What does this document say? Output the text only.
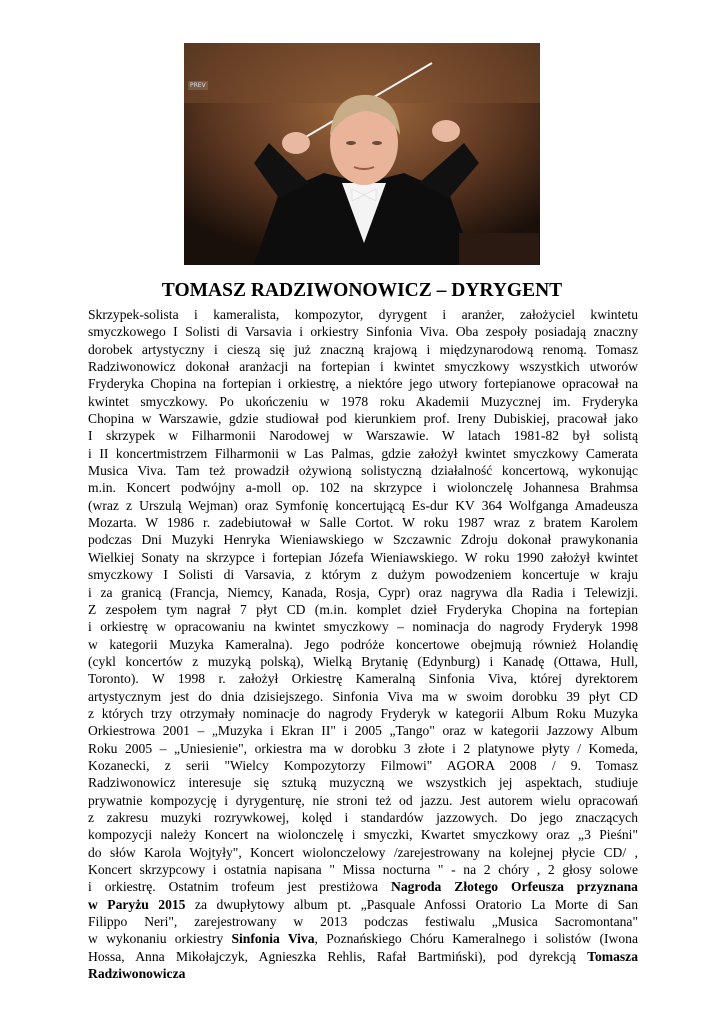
PREV
TOMASZ RADZIWONOWICZ – DYRYGENT
Skrzypek-solista i kameralista, kompozytor, dyrygent i aranżer, założyciel kwintetu
smyczkowego I Solisti di Varsavia i orkiestry Sinfonia Viva. Oba zespoły posiadają znaczny
dorobek artystyczny i cieszą się już znaczną krajową i międzynarodową renomą. Tomasz
Radziwonowicz dokonał aranżacji na fortepian i kwintet smyczkowy wszystkich utworów
Fryderyka Chopina na fortepian i orkiestrę, a niektóre jego utwory fortepianowe opracował na
kwintet smyczkowy. Po ukończeniu w 1978 roku Akademii Muzycznej im. Fryderyka
Chopina w Warszawie, gdzie studiował pod kierunkiem prof. Ireny Dubiskiej, pracował jako
I skrzypek w Filharmonii Narodowej w Warszawie. W latach 1981-82 był solistą
i II koncertmistrzem Filharmonii w Las Palmas, gdzie założył kwintet smyczkowy Camerata
Musica Viva. Tam też prowadził ożywioną solistyczną działalność koncertową, wykonując
m.in. Koncert podwójny a-moll op. 102 na skrzypce i wiolonczelę Johannesa Brahmsa
(wraz z Urszulą Wejman) oraz Symfonię koncertującą Es-dur KV 364 Wolfganga Amadeusza
Mozarta. W 1986 r. zadebiutował w Salle Cortot. W roku 1987 wraz z bratem Karolem
podczas Dni Muzyki Henryka Wieniawskiego w Szczawnic Zdroju dokonał prawykonania
Wielkiej Sonaty na skrzypce i fortepian Józefa Wieniawskiego. W roku 1990 założył kwintet
smyczkowy I Solisti di Varsavia, z którym z dużym powodzeniem koncertuje w kraju
i za granicą (Francja, Niemcy, Kanada, Rosja, Cypr) oraz nagrywa dla Radia i Telewizji.
Z zespołem tym nagrał 7 płyt CD (m.in. komplet dzieł Fryderyka Chopina na fortepian
i orkiestrę w opracowaniu na kwintet smyczkowy – nominacja do nagrody Fryderyk 1998
w kategorii Muzyka Kameralna). Jego podróże koncertowe obejmują również Holandię
(cykl koncertów z muzyką polską), Wielką Brytanię (Edynburg) i Kanadę (Ottawa, Hull,
Toronto). W 1998 r. założył Orkiestrę Kameralną Sinfonia Viva, której dyrektorem
artystycznym jest do dnia dzisiejszego. Sinfonia Viva ma w swoim dorobku 39 płyt CD
z których trzy otrzymały nominacje do nagrody Fryderyk w kategorii Album Roku Muzyka
Orkiestrowa 2001 – „Muzyka i Ekran II" i 2005 „Tango" oraz w kategorii Jazzowy Album
Roku 2005 – „Uniesienie", orkiestra ma w dorobku 3 złote i 2 platynowe płyty / Komeda,
Kozanecki, z serii "Wielcy Kompozytorzy Filmowi" AGORA 2008 / 9. Tomasz
Radziwonowicz interesuje się sztuką muzyczną we wszystkich jej aspektach, studiuje
prywatnie kompozycję i dyrygenturę, nie stroni też od jazzu. Jest autorem wielu opracowań
z zakresu muzyki rozrywkowej, kolęd i standardów jazzowych. Do jego znaczących
kompozycji należy Koncert na wiolonczelę i smyczki, Kwartet smyczkowy oraz „3 Pieśni"
do słów Karola Wojtyły", Koncert wiolonczelowy /zarejestrowany na kolejnej płycie CD/ ,
Koncert skrzypcowy i ostatnia napisana " Missa nocturna " - na 2 chóry , 2 głosy solowe
i orkiestrę. Ostatnim trofeum jest prestiżowa Nagroda Złotego Orfeusza przyznana
w Paryżu 2015 za dwupłytowy album pt. „Pasquale Anfossi Oratorio La Morte di San
Filippo Neri", zarejestrowany w 2013 podczas festiwalu „Musica Sacromontana"
w wykonaniu orkiestry Sinfonia Viva, Poznańskiego Chóru Kameralnego i solistów (Iwona
Hossa, Anna Mikołajczyk, Agnieszka Rehlis, Rafał Bartmiński), pod dyrekcją Tomasza
Radziwonowicza
